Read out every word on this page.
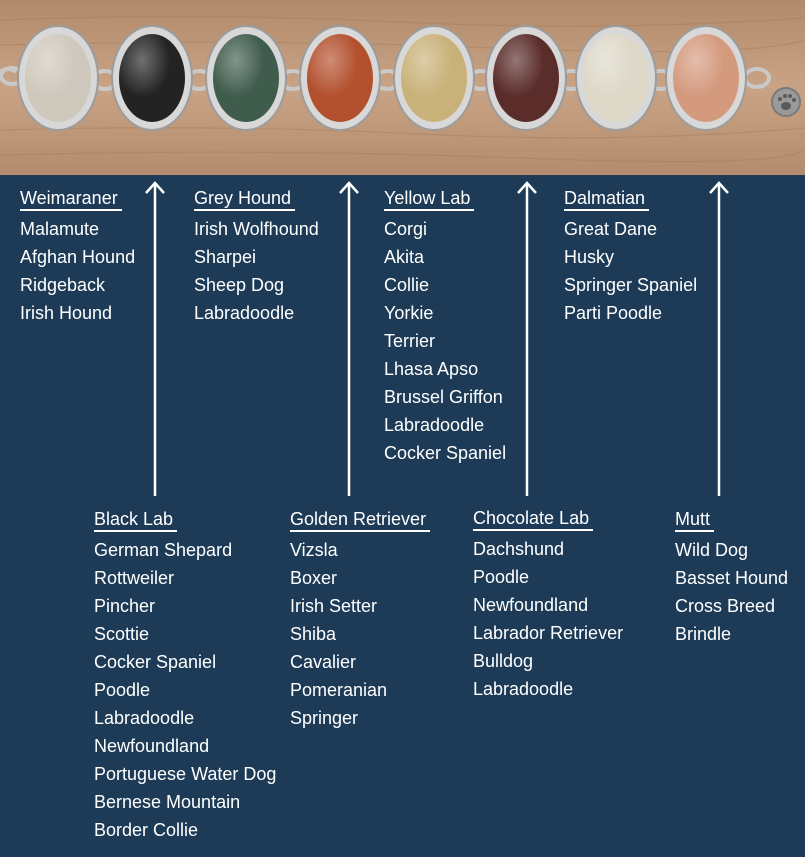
Weimaraner
Malamute
Afghan Hound
Ridgeback
Irish Hound
Grey Hound
Irish Wolfhound
Sharpei
Sheep Dog
Labradoodle
Yellow Lab
Corgi
Akita
Collie
Yorkie
Terrier
Lhasa Apso
Brussel Griffon
Labradoodle
Cocker Spaniel
Dalmatian
Great Dane
Husky
Springer Spaniel
Parti Poodle
Black Lab
German Shepard
Rottweiler
Pincher
Scottie
Cocker Spaniel
Poodle
Labradoodle
Newfoundland
Portuguese Water Dog
Bernese Mountain
Border Collie
Golden Retriever
Vizsla
Boxer
Irish Setter
Shiba
Cavalier
Pomeranian
Springer
Chocolate Lab
Dachshund
Poodle
Newfoundland
Labrador Retriever
Bulldog
Labradoodle
Mutt
Wild Dog
Basset Hound
Cross Breed
Brindle
